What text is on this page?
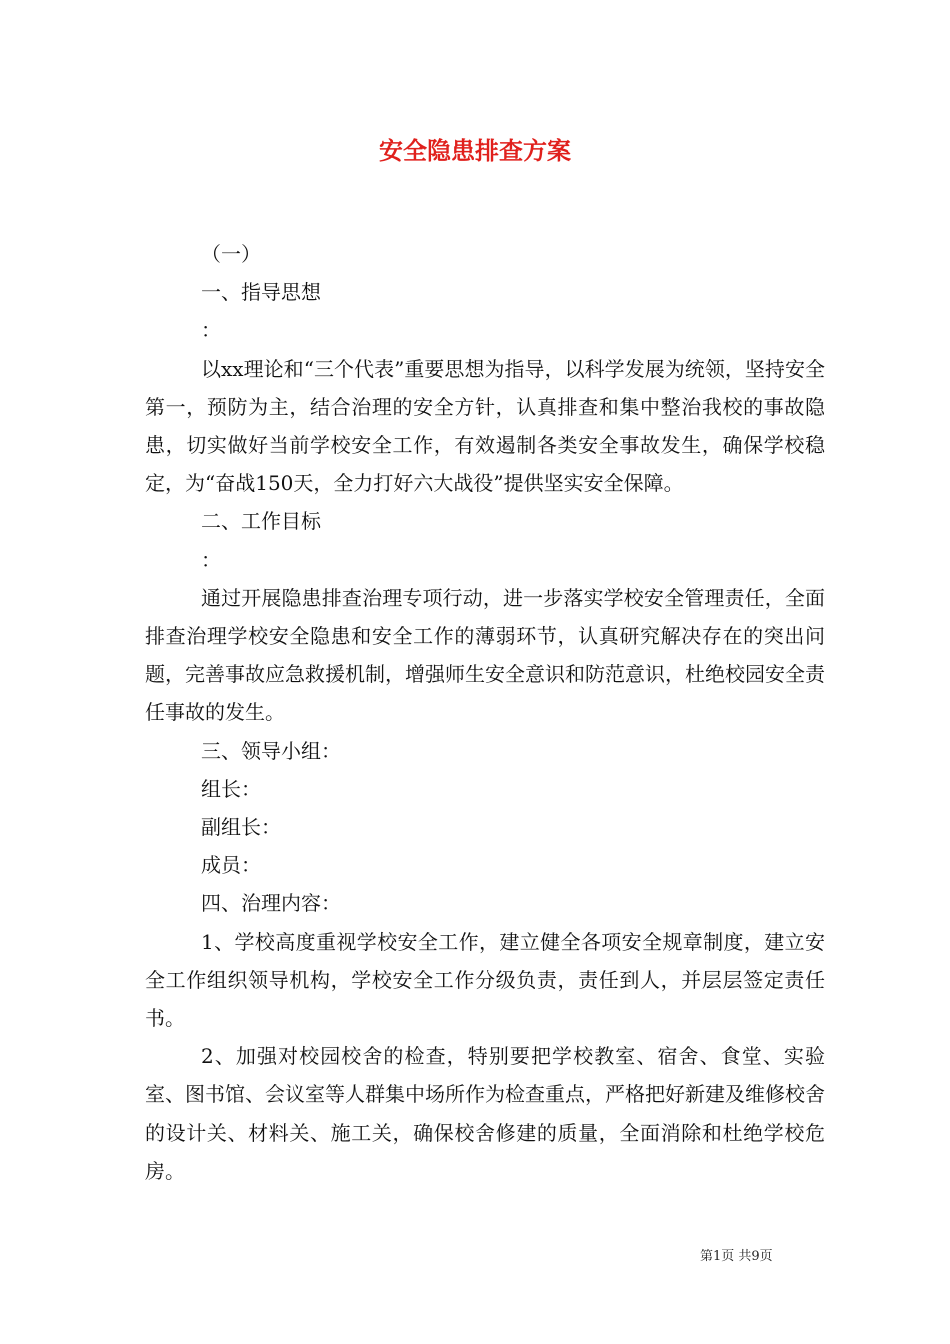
安全隐患排查方案

（一）

一、指导思想

：

以xx理论和“三个代表”重要思想为指导，以科学发展为统领，坚持安全第一，预防为主，结合治理的安全方针，认真排查和集中整治我校的事故隐患，切实做好当前学校安全工作，有效遏制各类安全事故发生，确保学校稳定，为“奋战150天，全力打好六大战役”提供坚实安全保障。

二、工作目标

：

通过开展隐患排查治理专项行动，进一步落实学校安全管理责任，全面排查治理学校安全隐患和安全工作的薄弱环节，认真研究解决存在的突出问题，完善事故应急救援机制，增强师生安全意识和防范意识，杜绝校园安全责任事故的发生。

三、领导小组：

组长：

副组长：

成员：

四、治理内容：

1、学校高度重视学校安全工作，建立健全各项安全规章制度，建立安全工作组织领导机构，学校安全工作分级负责，责任到人，并层层签定责任书。

2、加强对校园校舍的检查，特别要把学校教室、宿舍、食堂、实验室、图书馆、会议室等人群集中场所作为检查重点，严格把好新建及维修校舍的设计关、材料关、施工关，确保校舍修建的质量，全面消除和杜绝学校危房。

第1页 共9页
